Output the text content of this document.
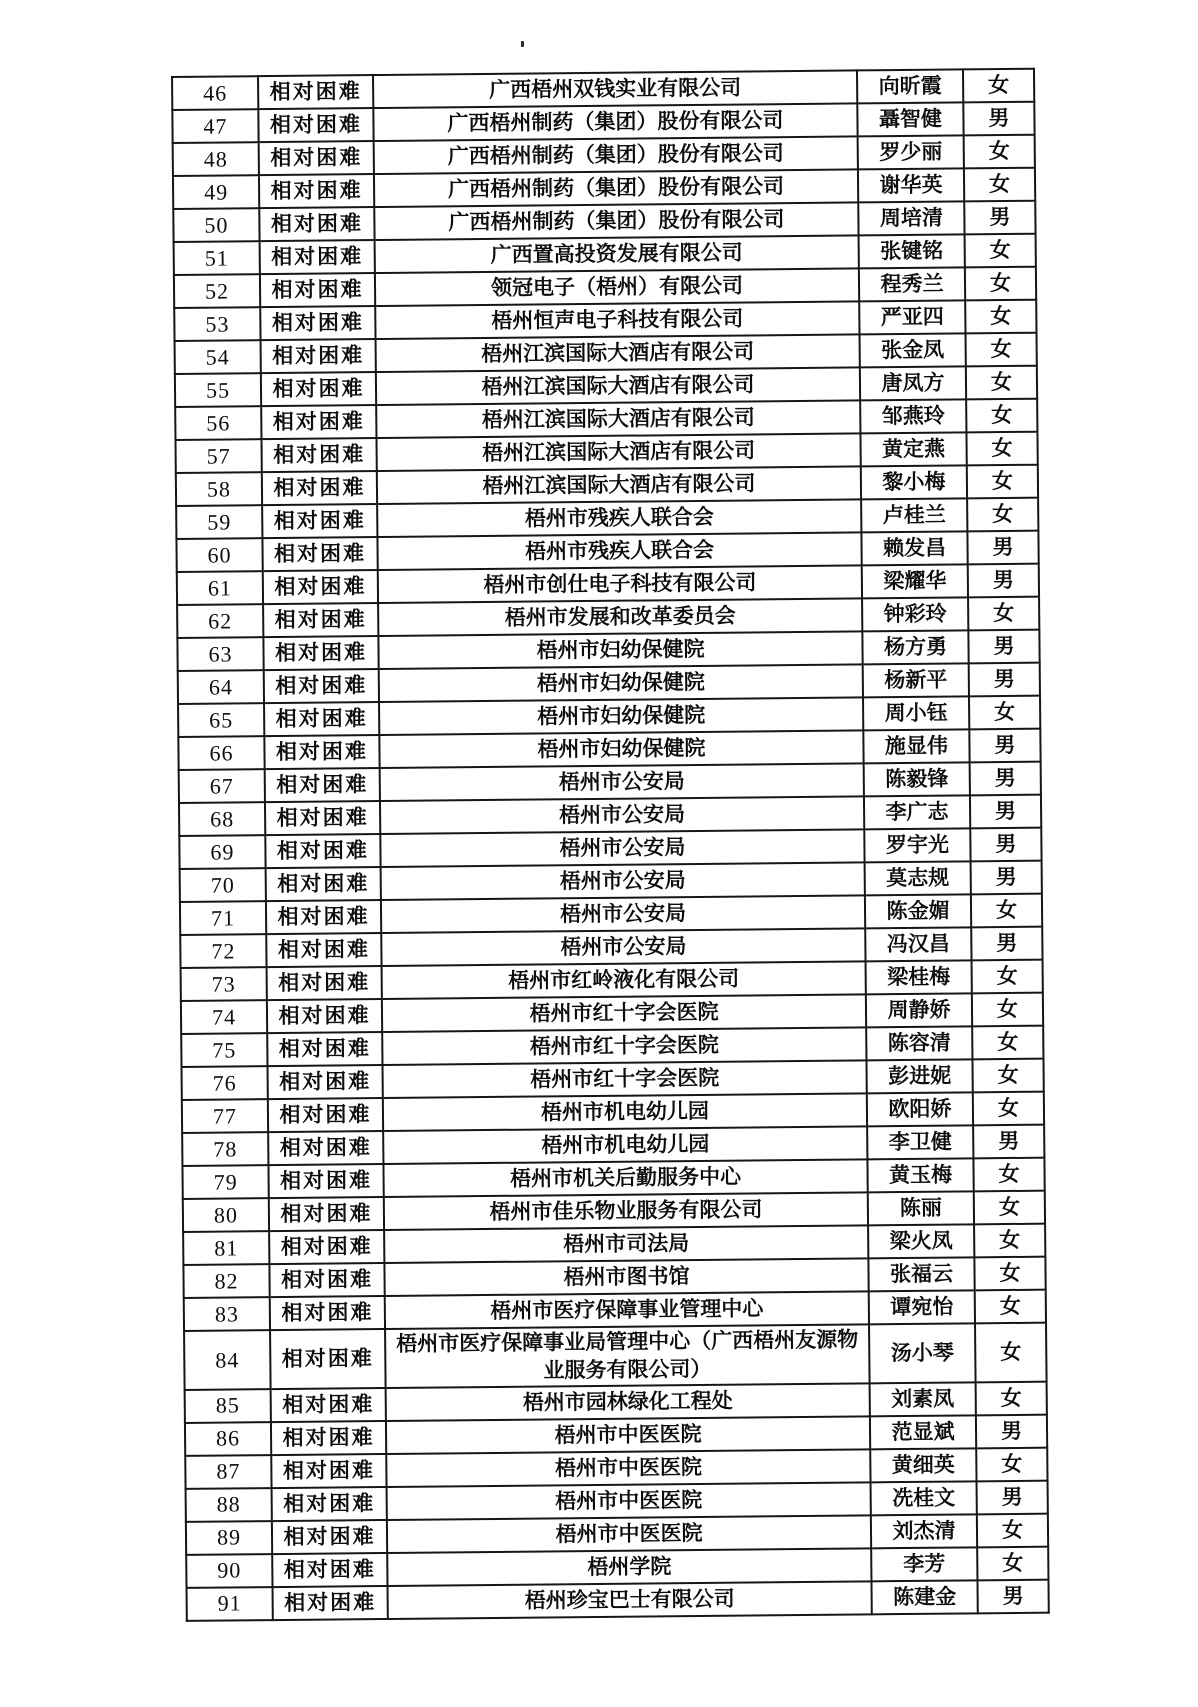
46	相对困难	广西梧州双钱实业有限公司	向昕霞	女
47	相对困难	广西梧州制药（集团）股份有限公司	聶智健	男
48	相对困难	广西梧州制药（集团）股份有限公司	罗少丽	女
49	相对困难	广西梧州制药（集团）股份有限公司	谢华英	女
50	相对困难	广西梧州制药（集团）股份有限公司	周培清	男
51	相对困难	广西置高投资发展有限公司	张键铭	女
52	相对困难	领冠电子（梧州）有限公司	程秀兰	女
53	相对困难	梧州恒声电子科技有限公司	严亚四	女
54	相对困难	梧州江滨国际大酒店有限公司	张金凤	女
55	相对困难	梧州江滨国际大酒店有限公司	唐凤方	女
56	相对困难	梧州江滨国际大酒店有限公司	邹燕玲	女
57	相对困难	梧州江滨国际大酒店有限公司	黄定燕	女
58	相对困难	梧州江滨国际大酒店有限公司	黎小梅	女
59	相对困难	梧州市残疾人联合会	卢桂兰	女
60	相对困难	梧州市残疾人联合会	赖发昌	男
61	相对困难	梧州市创仕电子科技有限公司	梁耀华	男
62	相对困难	梧州市发展和改革委员会	钟彩玲	女
63	相对困难	梧州市妇幼保健院	杨方勇	男
64	相对困难	梧州市妇幼保健院	杨新平	男
65	相对困难	梧州市妇幼保健院	周小钰	女
66	相对困难	梧州市妇幼保健院	施显伟	男
67	相对困难	梧州市公安局	陈毅锋	男
68	相对困难	梧州市公安局	李广志	男
69	相对困难	梧州市公安局	罗宇光	男
70	相对困难	梧州市公安局	莫志规	男
71	相对困难	梧州市公安局	陈金媚	女
72	相对困难	梧州市公安局	冯汉昌	男
73	相对困难	梧州市红岭液化有限公司	梁桂梅	女
74	相对困难	梧州市红十字会医院	周静娇	女
75	相对困难	梧州市红十字会医院	陈容清	女
76	相对困难	梧州市红十字会医院	彭进妮	女
77	相对困难	梧州市机电幼儿园	欧阳娇	女
78	相对困难	梧州市机电幼儿园	李卫健	男
79	相对困难	梧州市机关后勤服务中心	黄玉梅	女
80	相对困难	梧州市佳乐物业服务有限公司	陈丽	女
81	相对困难	梧州市司法局	梁火凤	女
82	相对困难	梧州市图书馆	张福云	女
83	相对困难	梧州市医疗保障事业管理中心	谭宛怡	女
84	相对困难	梧州市医疗保障事业局管理中心（广西梧州友源物业服务有限公司）	汤小琴	女
85	相对困难	梧州市园林绿化工程处	刘素凤	女
86	相对困难	梧州市中医医院	范显斌	男
87	相对困难	梧州市中医医院	黄细英	女
88	相对困难	梧州市中医医院	冼桂文	男
89	相对困难	梧州市中医医院	刘杰清	女
90	相对困难	梧州学院	李芳	女
91	相对困难	梧州珍宝巴士有限公司	陈建金	男
